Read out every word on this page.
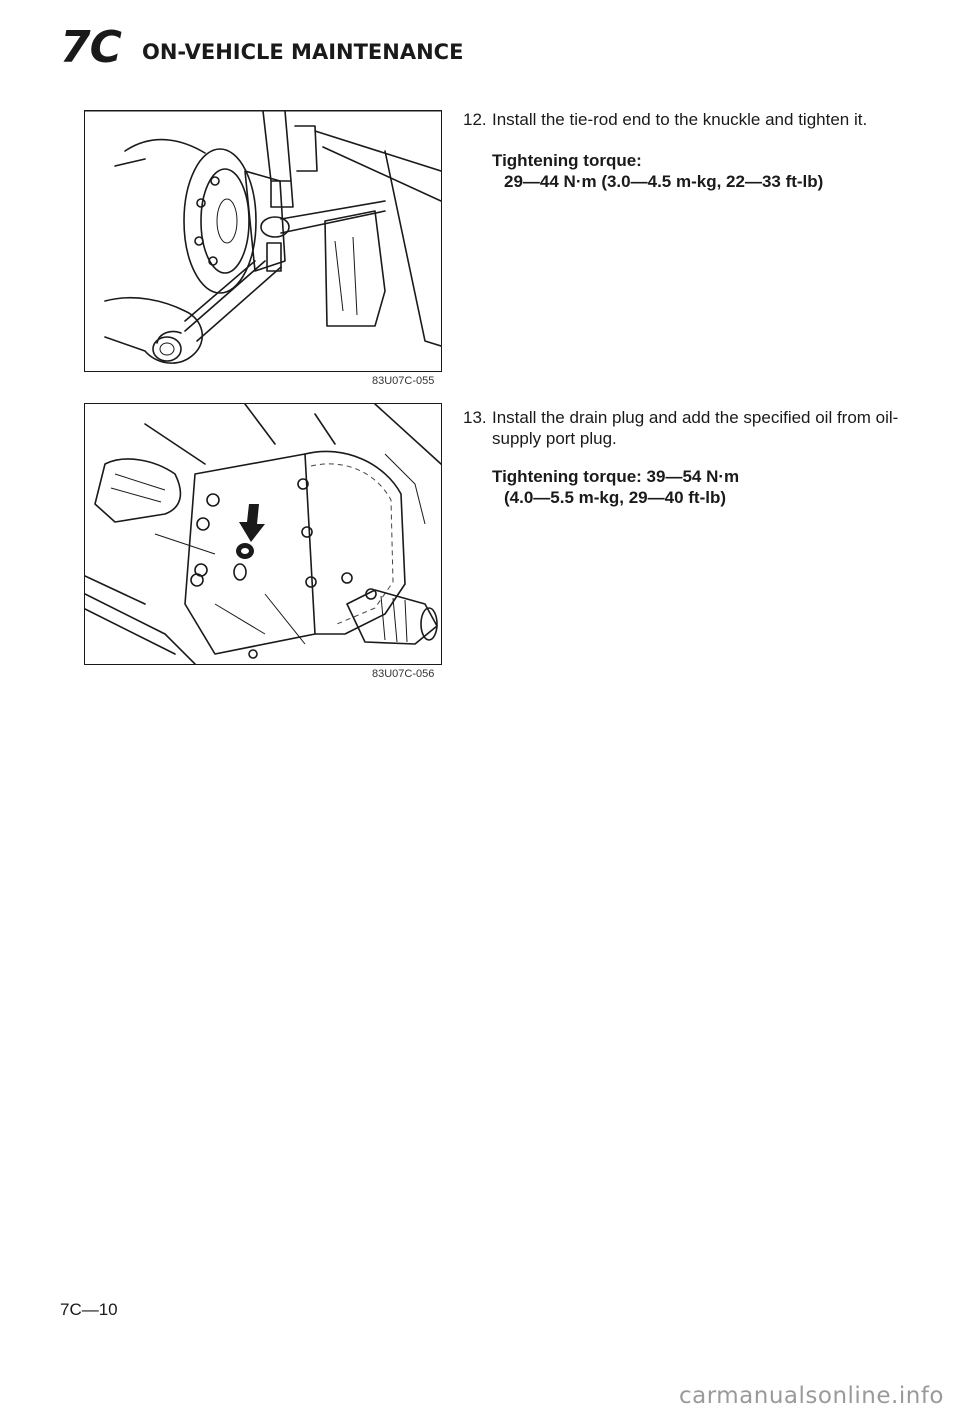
7C ON-VEHICLE MAINTENANCE
83U07C-055
83U07C-056
12. Install the tie-rod end to the knuckle and tighten it.
Tightening torque:
29—44 N·m (3.0—4.5 m-kg, 22—33 ft-lb)
13. Install the drain plug and add the specified oil from oil-supply port plug.
Tightening torque: 39—54 N·m
(4.0—5.5 m-kg, 29—40 ft-lb)
7C—10
carmanualsonline.info
